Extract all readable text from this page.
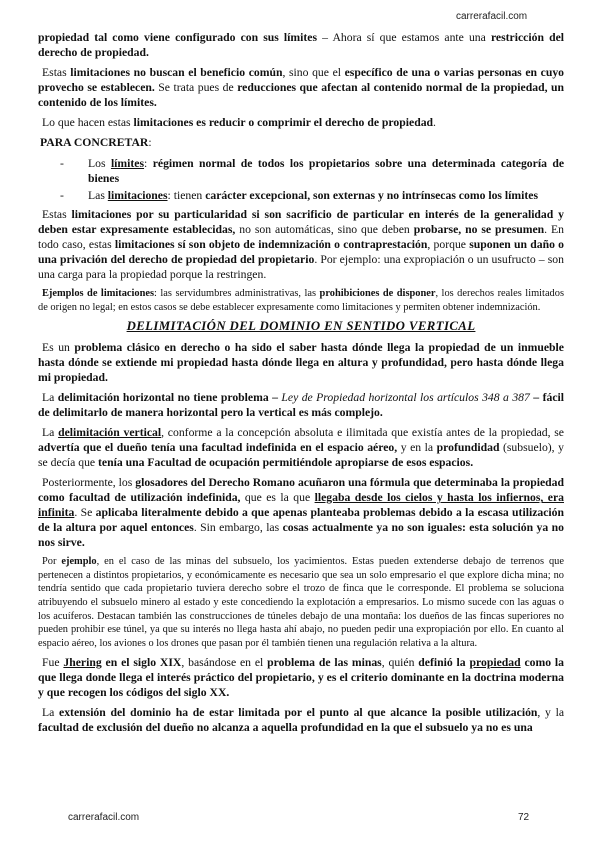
carrerafacil.com

propiedad tal como viene configurado con sus límites – Ahora sí que estamos ante una restricción del derecho de propiedad.

Estas limitaciones no buscan el beneficio común, sino que el específico de una o varias personas en cuyo provecho se establecen. Se trata pues de reducciones que afectan al contenido normal de la propiedad, un contenido de los límites.

Lo que hacen estas limitaciones es reducir o comprimir el derecho de propiedad.

PARA CONCRETAR:
- Los límites: régimen normal de todos los propietarios sobre una determinada categoría de bienes
- Las limitaciones: tienen carácter excepcional, son externas y no intrínsecas como los límites

Estas limitaciones por su particularidad si son sacrificio de particular en interés de la generalidad y deben estar expresamente establecidas, no son automáticas, sino que deben probarse, no se presumen. En todo caso, estas limitaciones sí son objeto de indemnización o contraprestación, porque suponen un daño o una privación del derecho de propiedad del propietario. Por ejemplo: una expropiación o un usufructo – son una carga para la propiedad porque la restringen.

Ejemplos de limitaciones: las servidumbres administrativas, las prohibiciones de disponer, los derechos reales limitados de origen no legal; en estos casos se debe establecer expresamente como limitaciones y permiten obtener indemnización.

DELIMITACIÓN DEL DOMINIO EN SENTIDO VERTICAL

Es un problema clásico en derecho o ha sido el saber hasta dónde llega la propiedad de un inmueble hasta dónde se extiende mi propiedad hasta dónde llega en altura y profundidad, pero hasta dónde llega mi propiedad.

La delimitación horizontal no tiene problema – Ley de Propiedad horizontal los artículos 348 a 387 – fácil de delimitarlo de manera horizontal pero la vertical es más complejo.

La delimitación vertical, conforme a la concepción absoluta e ilimitada que existía antes de la propiedad, se advertía que el dueño tenía una facultad indefinida en el espacio aéreo, y en la profundidad (subsuelo), y se decía que tenía una Facultad de ocupación permitiéndole apropiarse de esos espacios.

Posteriormente, los glosadores del Derecho Romano acuñaron una fórmula que determinaba la propiedad como facultad de utilización indefinida, que es la que llegaba desde los cielos y hasta los infiernos, era infinita. Se aplicaba literalmente debido a que apenas planteaba problemas debido a la escasa utilización de la altura por aquel entonces. Sin embargo, las cosas actualmente ya no son iguales: esta solución ya no nos sirve.

Por ejemplo, en el caso de las minas del subsuelo, los yacimientos. Estas pueden extenderse debajo de terrenos que pertenecen a distintos propietarios, y económicamente es necesario que sea un solo empresario el que explore dicha mina; no tendría sentido que cada propietario tuviera derecho sobre el trozo de finca que le corresponde. El problema se soluciona atribuyendo el subsuelo minero al estado y este concediendo la explotación a empresarios. Lo mismo sucede con las aguas o los acuíferos. Destacan también las construcciones de túneles debajo de una montaña: los dueños de las fincas superiores no pueden prohibir ese túnel, ya que su interés no llega hasta ahí abajo, no pueden pedir una expropiación por ello. En cuanto al espacio aéreo, los aviones o los drones que pasan por él también tienen una regulación relativa a la altura.

Fue Jhering en el siglo XIX, basándose en el problema de las minas, quién definió la propiedad como la que llega donde llega el interés práctico del propietario, y es el criterio dominante en la doctrina moderna y que recogen los códigos del siglo XX.

La extensión del dominio ha de estar limitada por el punto al que alcance la posible utilización, y la facultad de exclusión del dueño no alcanza a aquella profundidad en la que el subsuelo ya no es una

carrerafacil.com	72
